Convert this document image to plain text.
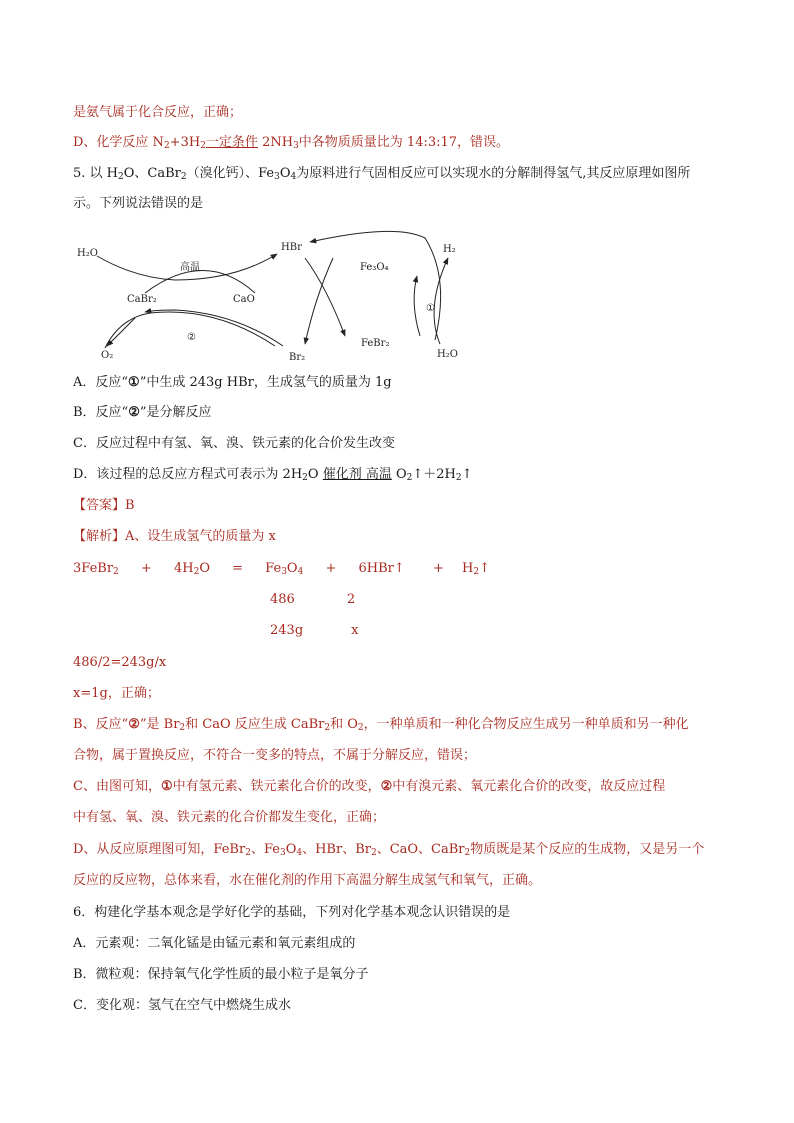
是氨气属于化合反应，正确；
D、化学反应 $N_2+3H_2$一定条件 $2NH_3$中各物质质量比为 14:3:17，错误。
5. 以 $H_2O$、CaBr$_2$（溴化钙）、$Fe_3O_4$为原料进行气固相反应可以实现水的分解制得氢气,其反应原理如图所
示。下列说法错误的是
H₂O
HBr
高温
CaBr₂	CaO
②
O₂	Br₂
Fe₃O₄
FeBr₂
H₂
①
H₂O
A．反应“①”中生成 243g HBr，生成氢气的质量为 1g
B．反应“②”是分解反应
C．反应过程中有氢、氧、溴、铁元素的化合价发生改变
D．该过程的总反应方程式可表示为 $2H_2O$ 催化剂 高温 $O_2↑+2H_2↑$
【答案】B
【解析】A、设生成氢气的质量为 x
3FeBr$_2$ + $4H_2O = Fe_3O_4$ + 6HBr↑ + $H_2↑$
486	2
243g	x
486/2=243g/x
x=1g，正确；
B、反应“②”是 $Br_2$和 CaO 反应生成 CaBr$_2$和 $O_2$，一种单质和一种化合物反应生成另一种单质和另一种化
合物，属于置换反应，不符合一变多的特点，不属于分解反应，错误；
C、由图可知，①中有氢元素、铁元素化合价的改变，②中有溴元素、氧元素化合价的改变，故反应过程
中有氢、氧、溴、铁元素的化合价都发生变化，正确；
D、从反应原理图可知，FeBr$_2$、$Fe_3O_4$、HBr、$Br_2$、CaO、CaBr$_2$物质既是某个反应的生成物，又是另一个
反应的反应物，总体来看，水在催化剂的作用下高温分解生成氢气和氧气，正确。
6．构建化学基本观念是学好化学的基础，下列对化学基本观念认识错误的是
A．元素观：二氧化锰是由锰元素和氧元素组成的
B．微粒观：保持氧气化学性质的最小粒子是氧分子
C．变化观：氢气在空气中燃烧生成水
